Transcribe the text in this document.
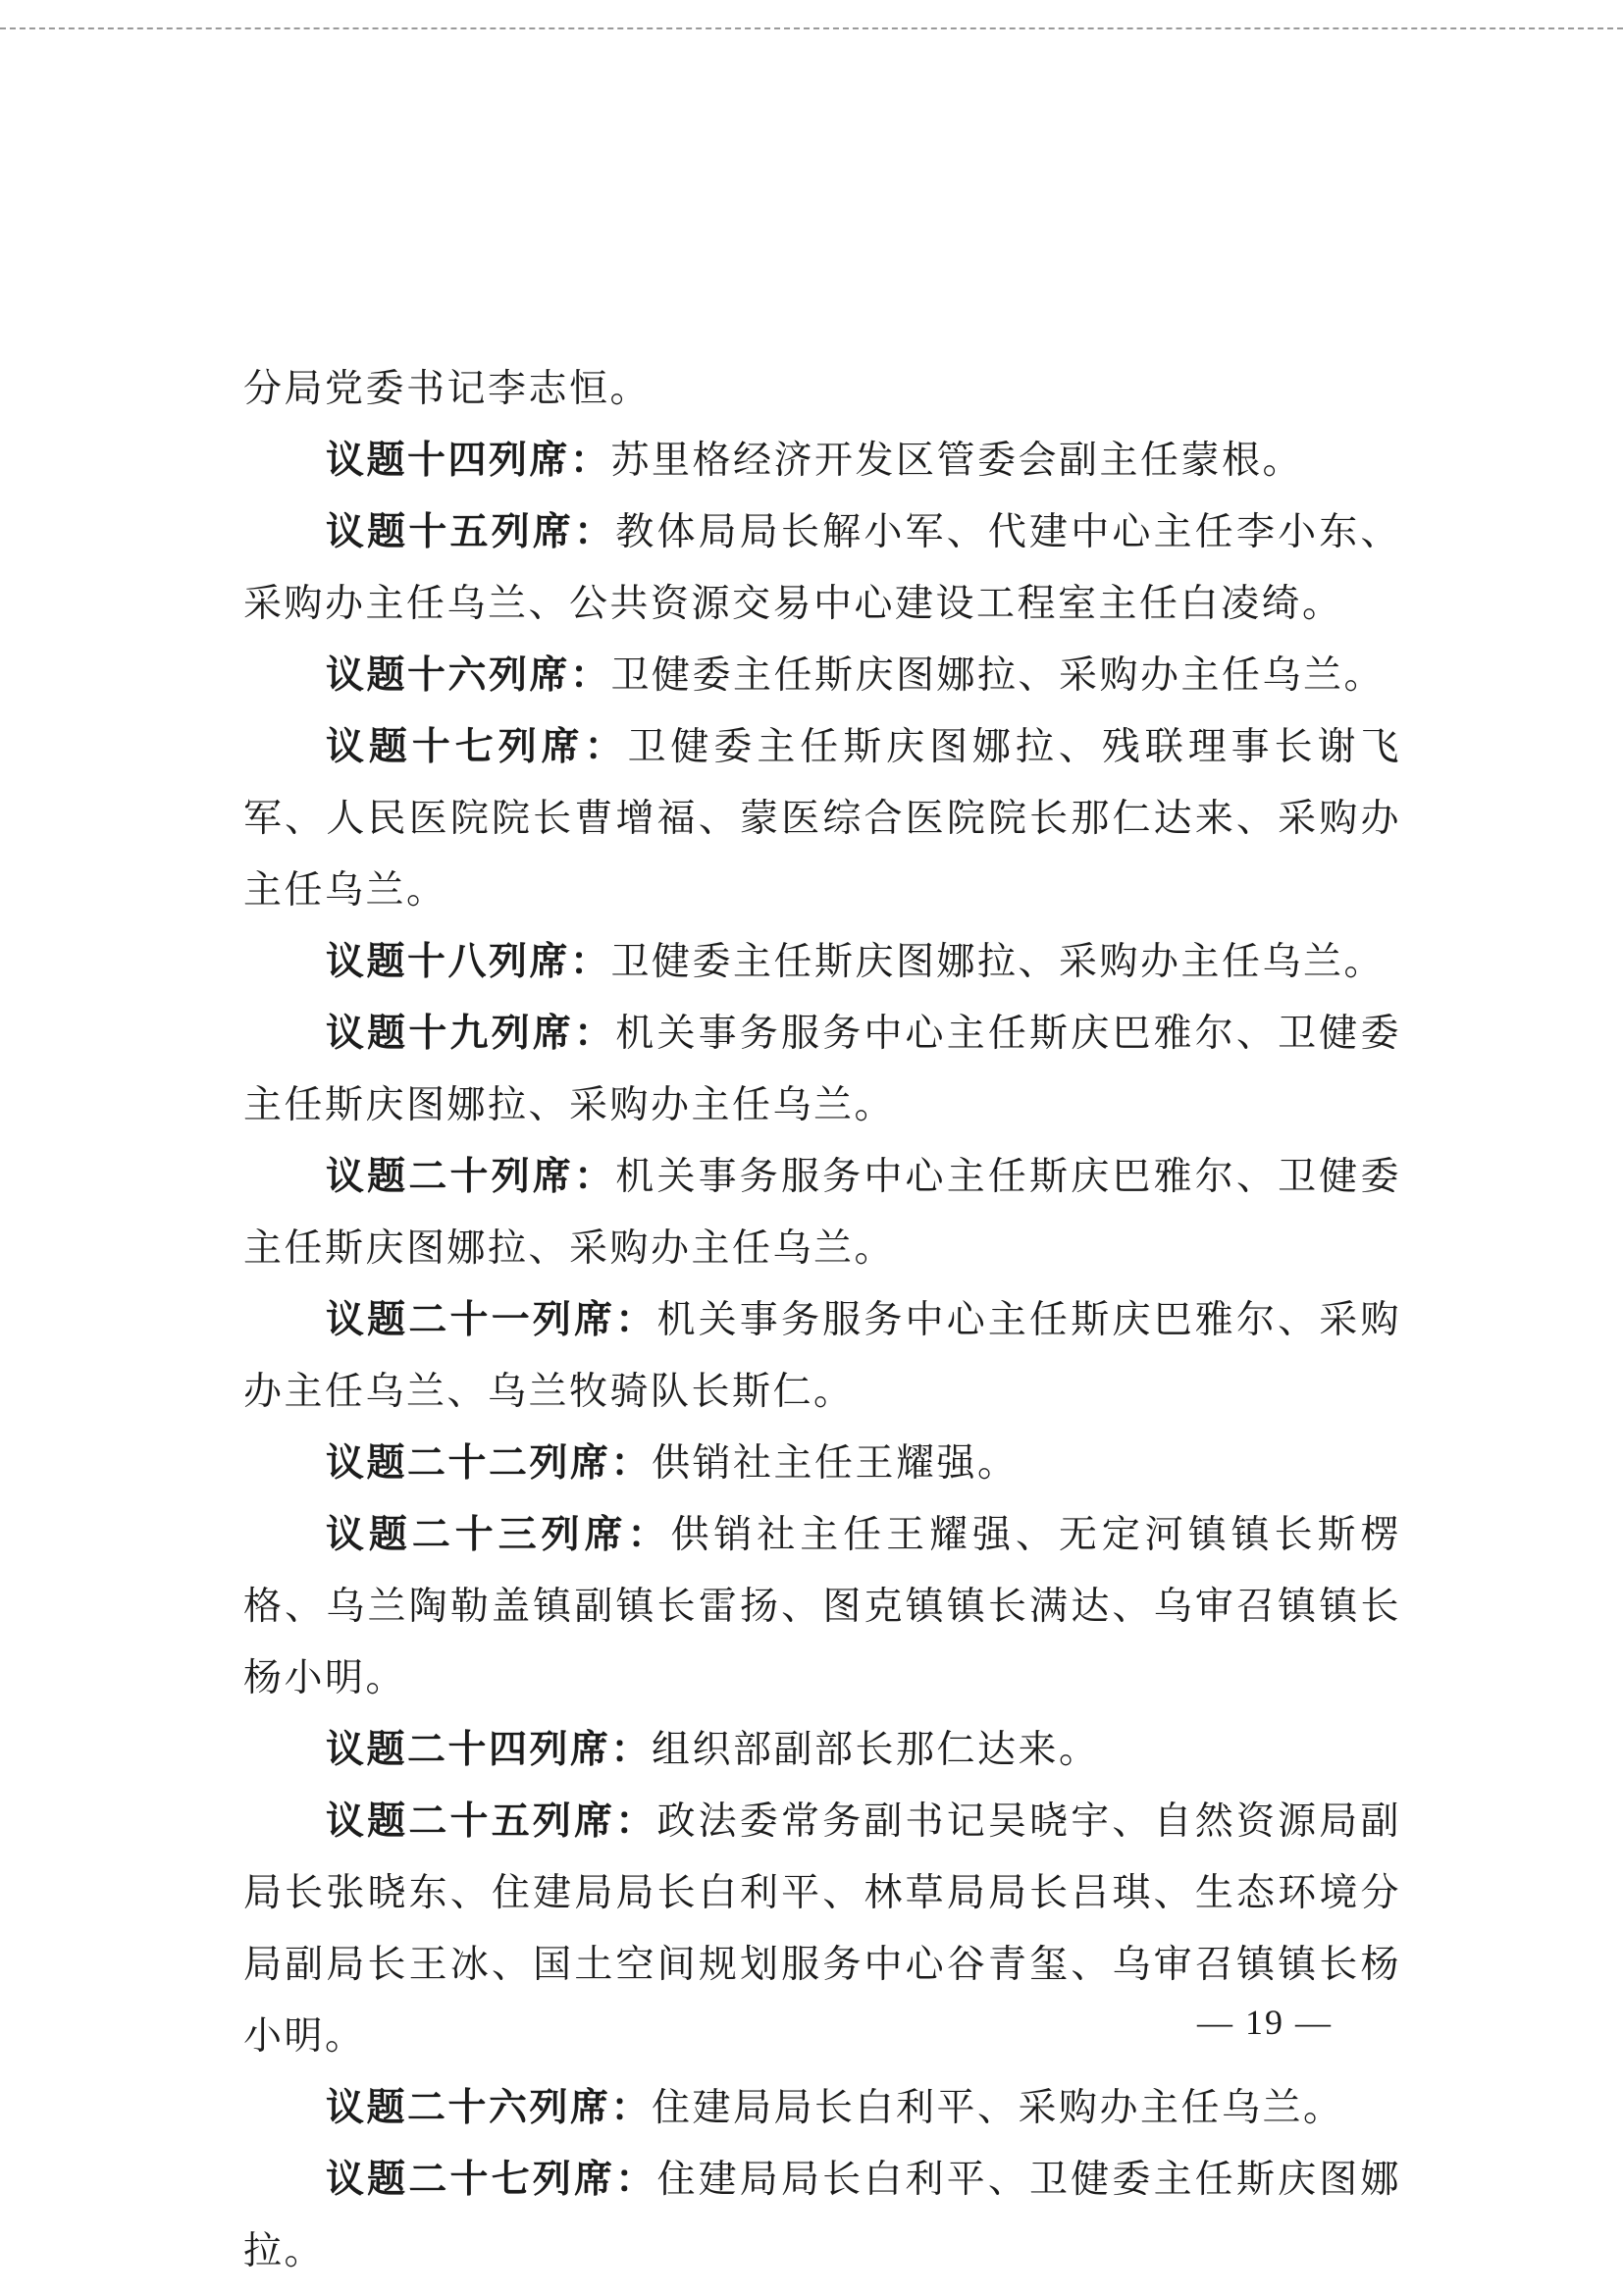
分局党委书记李志恒。

议题十四列席：苏里格经济开发区管委会副主任蒙根。

议题十五列席：教体局局长解小军、代建中心主任李小东、采购办主任乌兰、公共资源交易中心建设工程室主任白凌绮。

议题十六列席：卫健委主任斯庆图娜拉、采购办主任乌兰。

议题十七列席：卫健委主任斯庆图娜拉、残联理事长谢飞军、人民医院院长曹增福、蒙医综合医院院长那仁达来、采购办主任乌兰。

议题十八列席：卫健委主任斯庆图娜拉、采购办主任乌兰。

议题十九列席：机关事务服务中心主任斯庆巴雅尔、卫健委主任斯庆图娜拉、采购办主任乌兰。

议题二十列席：机关事务服务中心主任斯庆巴雅尔、卫健委主任斯庆图娜拉、采购办主任乌兰。

议题二十一列席：机关事务服务中心主任斯庆巴雅尔、采购办主任乌兰、乌兰牧骑队长斯仁。

议题二十二列席：供销社主任王耀强。

议题二十三列席：供销社主任王耀强、无定河镇镇长斯楞格、乌兰陶勒盖镇副镇长雷扬、图克镇镇长满达、乌审召镇镇长杨小明。

议题二十四列席：组织部副部长那仁达来。

议题二十五列席：政法委常务副书记吴晓宇、自然资源局副局长张晓东、住建局局长白利平、林草局局长吕琪、生态环境分局副局长王冰、国土空间规划服务中心谷青玺、乌审召镇镇长杨小明。

议题二十六列席：住建局局长白利平、采购办主任乌兰。

议题二十七列席：住建局局长白利平、卫健委主任斯庆图娜拉。

— 19 —
